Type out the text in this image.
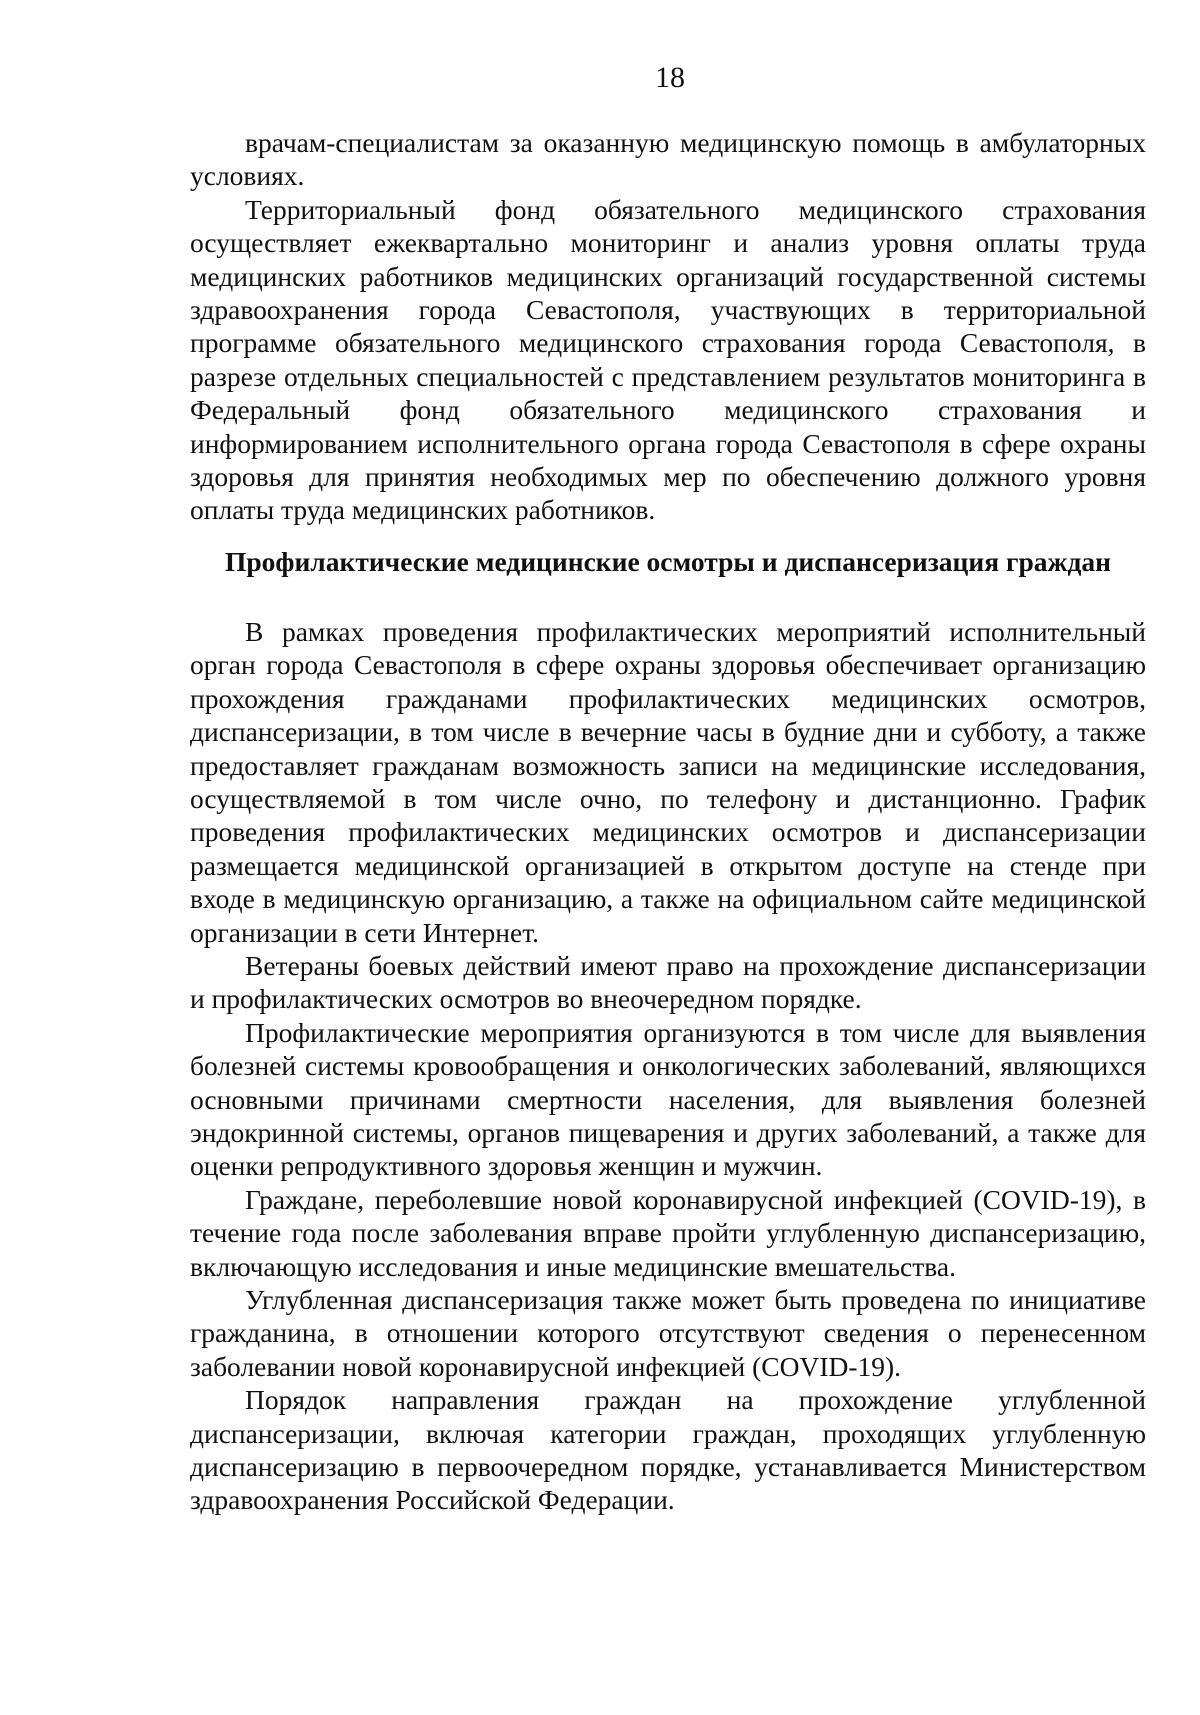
18

врачам-специалистам за оказанную медицинскую помощь в амбулаторных условиях.

Территориальный фонд обязательного медицинского страхования осуществляет ежеквартально мониторинг и анализ уровня оплаты труда медицинских работников медицинских организаций государственной системы здравоохранения города Севастополя, участвующих в территориальной программе обязательного медицинского страхования города Севастополя, в разрезе отдельных специальностей с представлением результатов мониторинга в Федеральный фонд обязательного медицинского страхования и информированием исполнительного органа города Севастополя в сфере охраны здоровья для принятия необходимых мер по обеспечению должного уровня оплаты труда медицинских работников.

Профилактические медицинские осмотры и диспансеризация граждан

В рамках проведения профилактических мероприятий исполнительный орган города Севастополя в сфере охраны здоровья обеспечивает организацию прохождения гражданами профилактических медицинских осмотров, диспансеризации, в том числе в вечерние часы в будние дни и субботу, а также предоставляет гражданам возможность записи на медицинские исследования, осуществляемой в том числе очно, по телефону и дистанционно. График проведения профилактических медицинских осмотров и диспансеризации размещается медицинской организацией в открытом доступе на стенде при входе в медицинскую организацию, а также на официальном сайте медицинской организации в сети Интернет.

Ветераны боевых действий имеют право на прохождение диспансеризации и профилактических осмотров во внеочередном порядке.

Профилактические мероприятия организуются в том числе для выявления болезней системы кровообращения и онкологических заболеваний, являющихся основными причинами смертности населения, для выявления болезней эндокринной системы, органов пищеварения и других заболеваний, а также для оценки репродуктивного здоровья женщин и мужчин.

Граждане, переболевшие новой коронавирусной инфекцией (COVID-19), в течение года после заболевания вправе пройти углубленную диспансеризацию, включающую исследования и иные медицинские вмешательства.

Углубленная диспансеризация также может быть проведена по инициативе гражданина, в отношении которого отсутствуют сведения о перенесенном заболевании новой коронавирусной инфекцией (COVID-19).

Порядок направления граждан на прохождение углубленной диспансеризации, включая категории граждан, проходящих углубленную диспансеризацию в первоочередном порядке, устанавливается Министерством здравоохранения Российской Федерации.
